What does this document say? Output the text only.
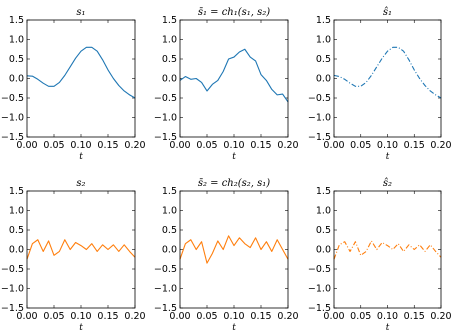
s₁
1.5
1.0
0.5
0.0
−0.5
−1.0
−1.5
0.00 0.05 0.10 0.15 0.20
t
s̄₁ = ch₁(s₁, s₂)
1.5
1.0
0.5
0.0
−0.5
−1.0
−1.5
0.00 0.05 0.10 0.15 0.20
t
ŝ₁
1.5
1.0
0.5
0.0
−0.5
−1.0
−1.5
0.00 0.05 0.10 0.15 0.20
t
s₂
1.5
1.0
0.5
0.0
−0.5
−1.0
−1.5
0.00 0.05 0.10 0.15 0.20
t
s̄₂ = ch₂(s₂, s₁)
1.5
1.0
0.5
0.0
−0.5
−1.0
−1.5
0.00 0.05 0.10 0.15 0.20
t
ŝ₂
1.5
1.0
0.5
0.0
−0.5
−1.0
−1.5
0.00 0.05 0.10 0.15 0.20
t
